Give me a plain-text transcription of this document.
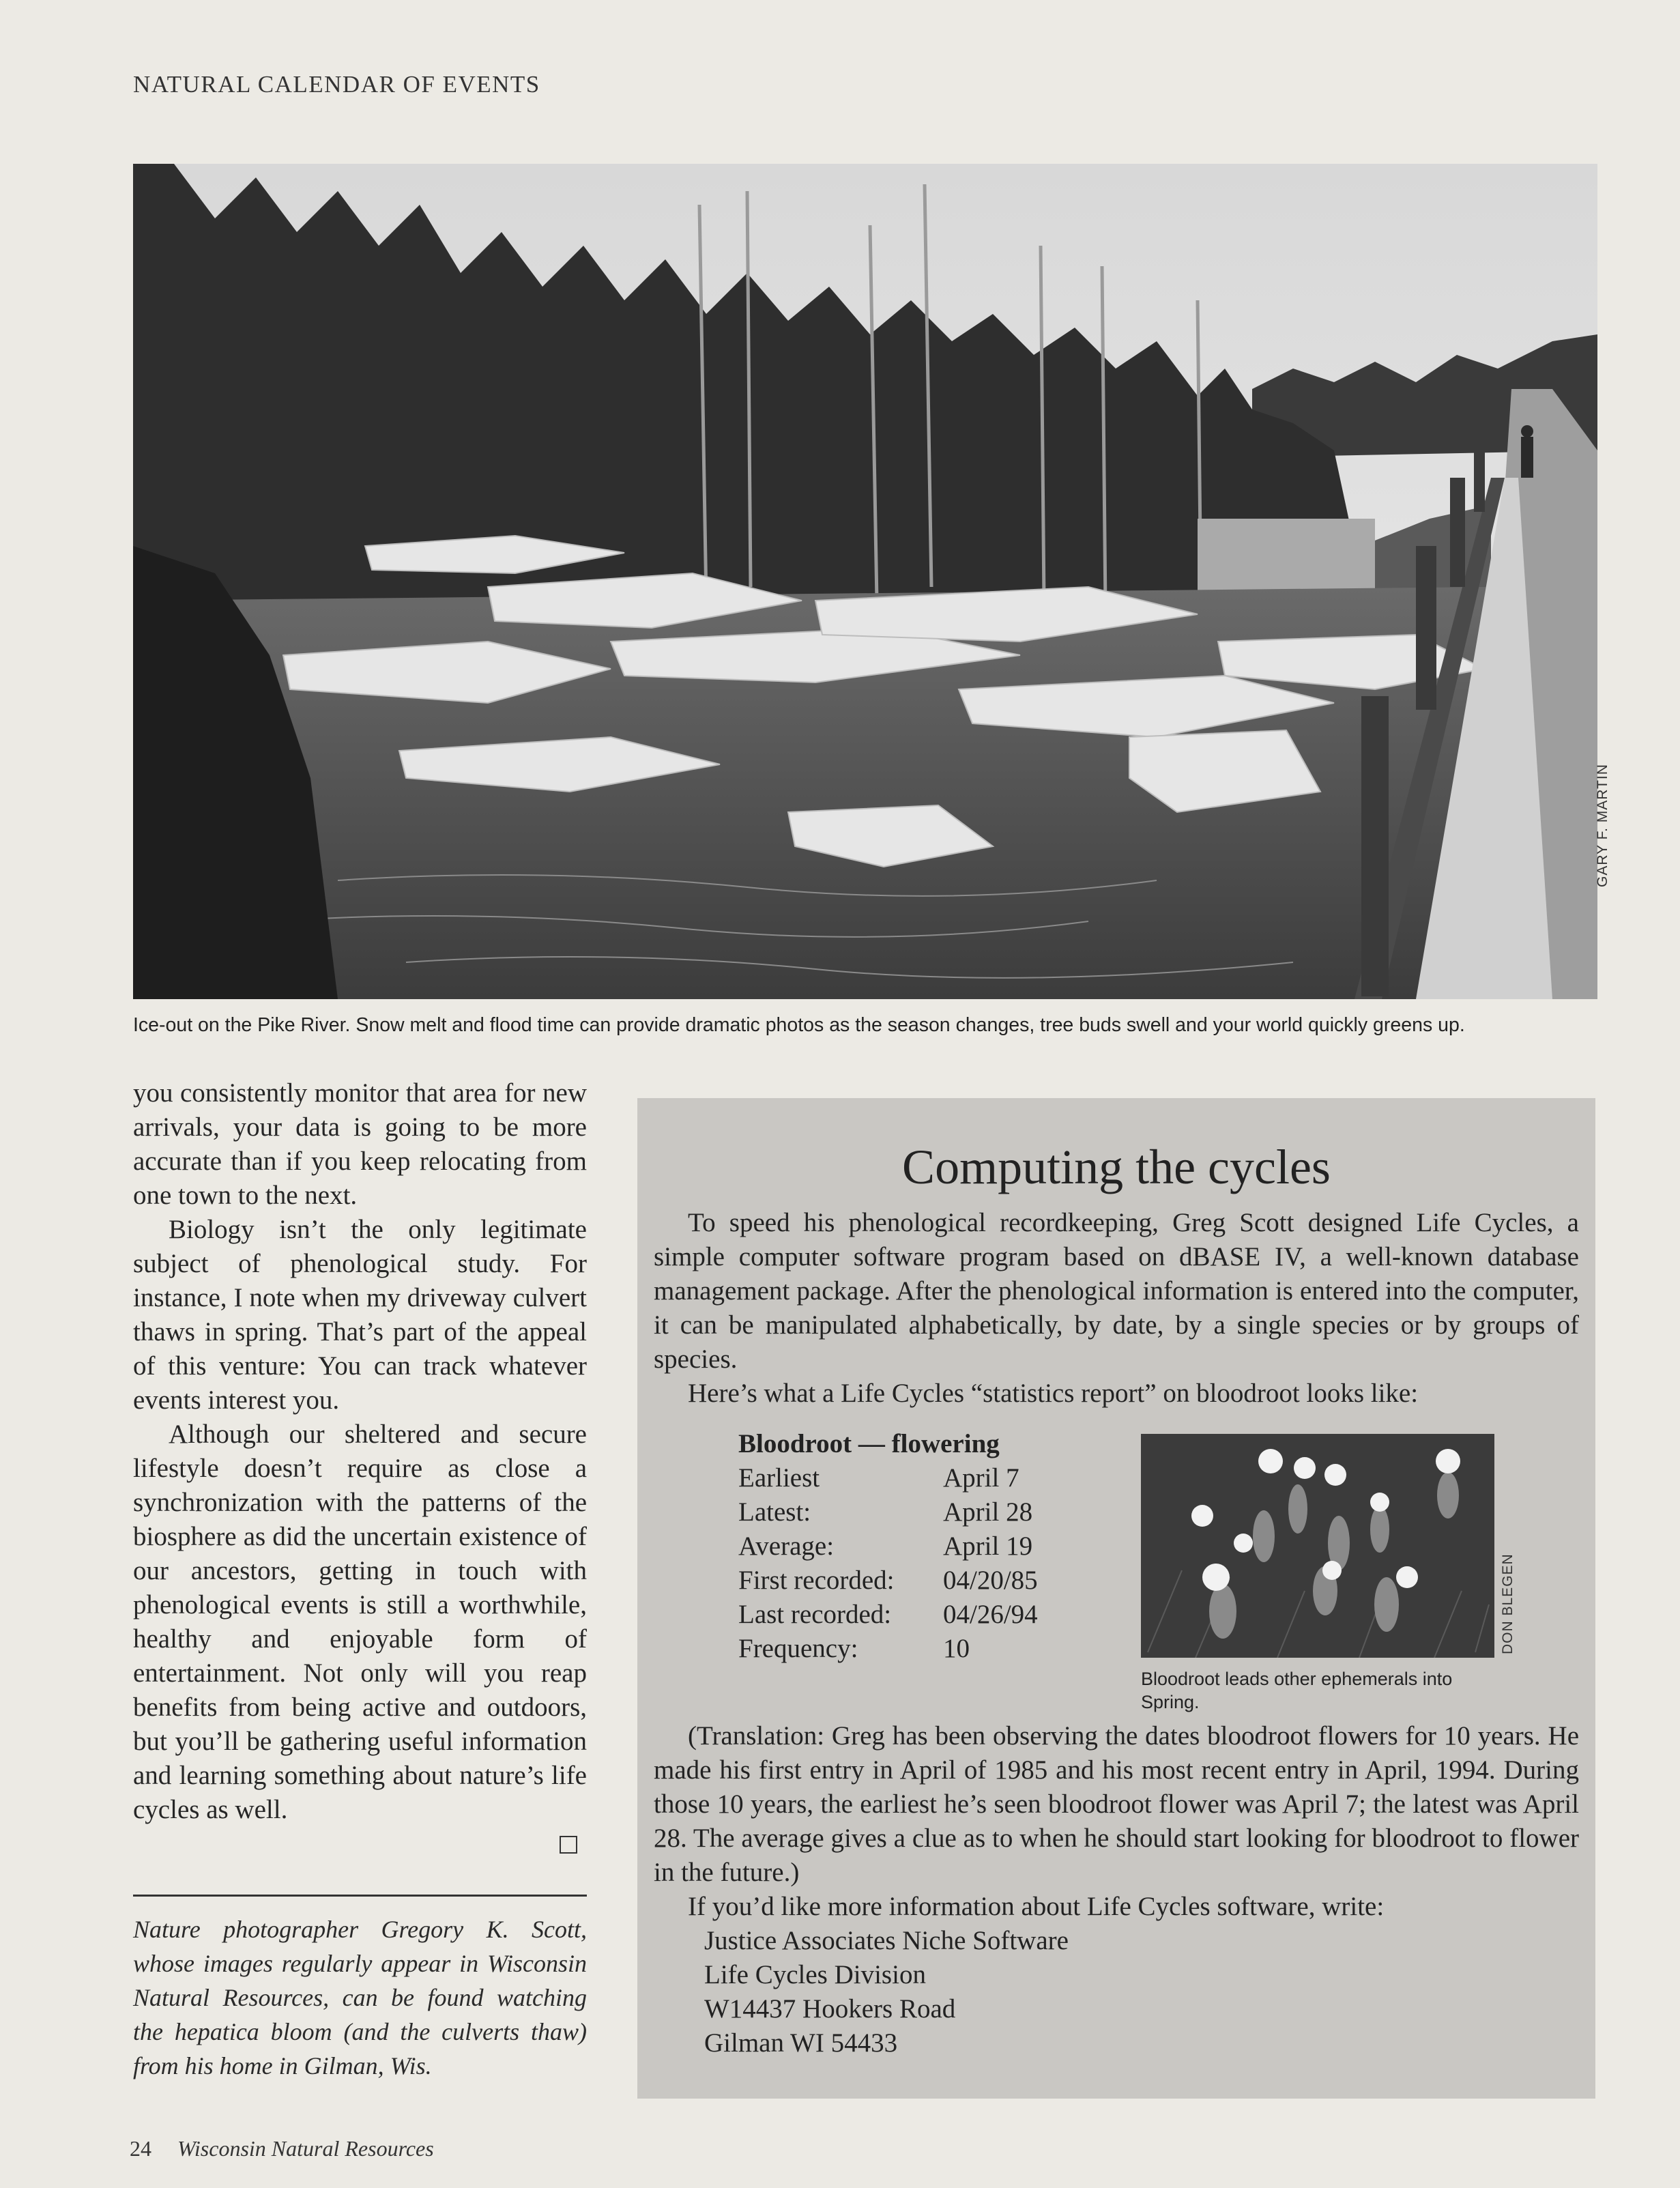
NATURAL CALENDAR OF EVENTS
GARY F. MARTIN
Ice-out on the Pike River. Snow melt and flood time can provide dramatic photos as the season changes, tree buds swell and your world quickly greens up.

you consistently monitor that area for new arrivals, your data is going to be more accurate than if you keep relocating from one town to the next.

Biology isn’t the only legitimate subject of phenological study. For instance, I note when my driveway culvert thaws in spring. That’s part of the appeal of this venture: You can track whatever events interest you.

Although our sheltered and secure lifestyle doesn’t require as close a synchronization with the patterns of the biosphere as did the uncertain existence of our ancestors, getting in touch with phenological events is still a worthwhile, healthy and enjoyable form of entertainment. Not only will you reap benefits from being active and outdoors, but you’ll be gathering useful information and learning something about nature’s life cycles as well.

Nature photographer Gregory K. Scott, whose images regularly appear in Wisconsin Natural Resources, can be found watching the hepatica bloom (and the culverts thaw) from his home in Gilman, Wis.
Computing the cycles

To speed his phenological recordkeeping, Greg Scott designed Life Cycles, a simple computer software program based on dBASE IV, a well-known database management package. After the phenological information is entered into the computer, it can be manipulated alphabetically, by date, by a single species or by groups of species.

Here’s what a Life Cycles “statistics report” on bloodroot looks like:

Bloodroot — flowering
Earliest	April 7
Latest:	April 28
Average:	April 19
First recorded:	04/20/85
Last recorded:	04/26/94
Frequency:	10	DON BLEGEN
Bloodroot leads other ephemerals into Spring.

(Translation: Greg has been observing the dates bloodroot flowers for 10 years. He made his first entry in April of 1985 and his most recent entry in April, 1994. During those 10 years, the earliest he’s seen bloodroot flower was April 7; the latest was April 28. The average gives a clue as to when he should start looking for bloodroot to flower in the future.)

If you’d like more information about Life Cycles software, write:

Justice Associates Niche Software
Life Cycles Division
W14437 Hookers Road
Gilman WI 54433
24 Wisconsin Natural Resources
